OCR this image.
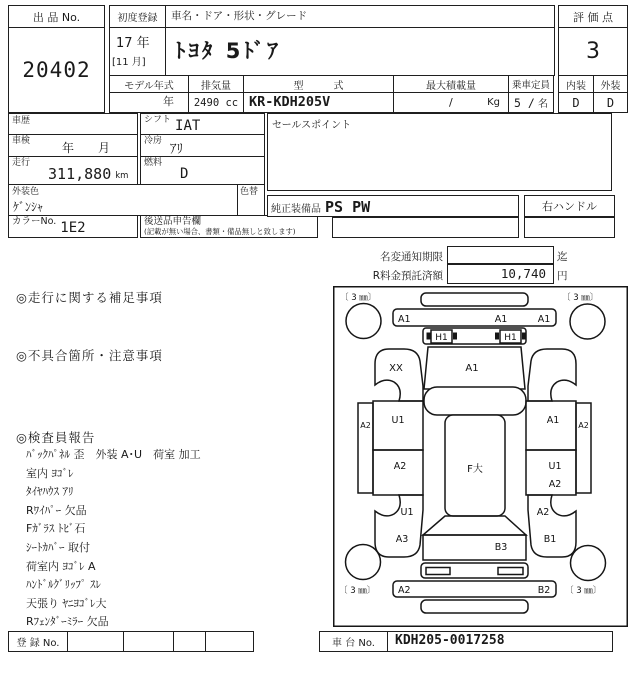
出 品 No.
20402
初度登録
17 年
[11 月]
車名・ドア・形状・グレード
ﾄﾖﾀ 5ﾄﾞｱ
評 価 点
3
内装	外装
D	D
モデル年式	排気量	型　　　式	最大積載量	乗車定員
年	2490 cc KR-KDH205V	/	Kg 5 / 名
車歴	シフト IAT
車検	年　　月	冷房
ｱﾘ
走行
311,880 km
燃料
D
外装色
ｹﾞﾝｼｬ
色替
カラーNo. 1E2	後送品申告欄
(記載が無い場合、書類・備品無しと致します)
セールスポイント
純正装備品 PS PW	右ハンドル
名変通知期限	迄
R料金預託済額	10,740	円
◎走行に関する補足事項
◎不具合箇所・注意事項
◎検査員報告
ﾊﾞｯｸﾊﾟﾈﾙ 歪　外装 A･U　荷室 加工
室内 ﾖｺﾞﾚ
ﾀｲﾔﾊｳｽ ｱﾘ
Rﾜｲﾊﾟｰ 欠品
Fｶﾞﾗｽ ﾄﾋﾞ石
ｼｰﾄｶﾊﾞｰ 取付
荷室内 ﾖｺﾞﾚ A
ﾊﾝﾄﾞﾙｸﾞﾘｯﾌﾟ ｽﾚ
天張り ﾔﾆﾖｺﾞﾚ大
Rﾌｪﾝﾀﾞｰﾐﾗｰ 欠品
〔 3 ㎜〕	〔 3 ㎜〕
〔 3 ㎜〕	〔 3 ㎜〕
A1	A1	A1
H1	H1
A1
XX
A2	A2
U1
A2
A1
U1
A2
F大
U1
A3
A2
B1
B3
A2	B2
登 録 No.	車 台 No.	KDH205-0017258
